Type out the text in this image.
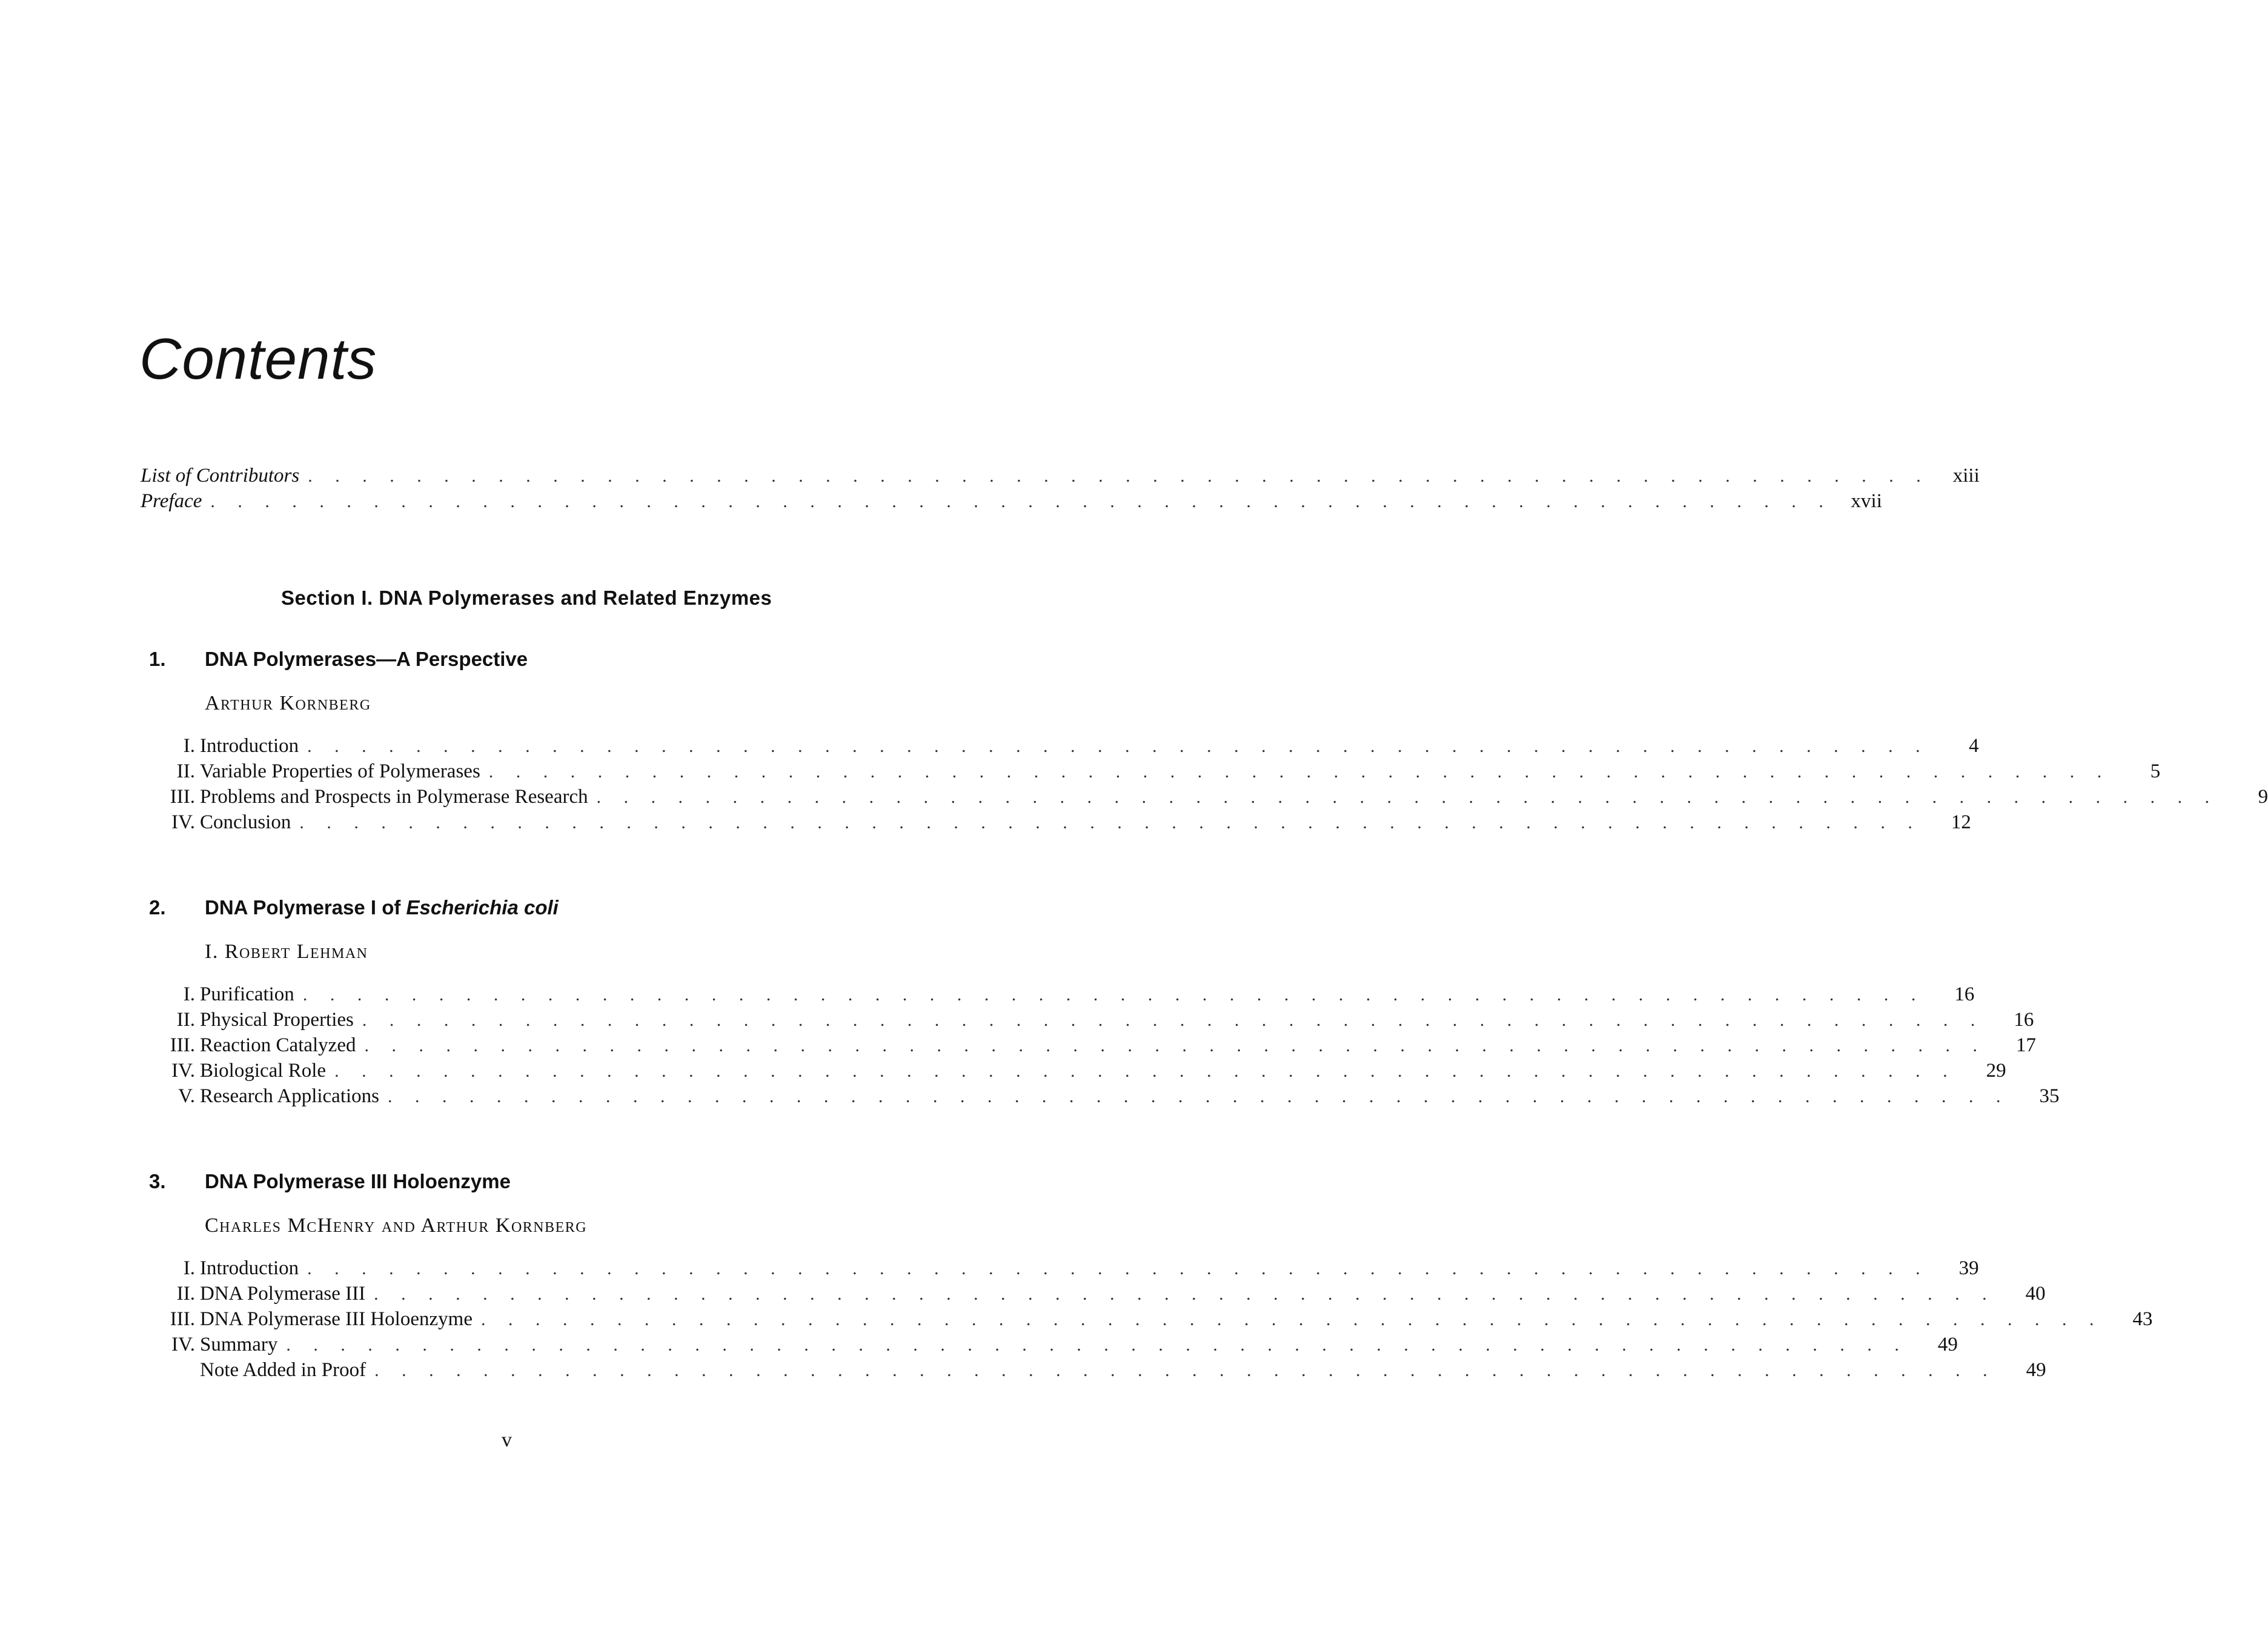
Contents
List of Contributors . . . . . . . . . . . . . . . . . . . . . . . . . . . . . . . . . . . . . . . . . . . . . . . . . . . . . . . . . . . .	xiii
Preface . . . . . . . . . . . . . . . . . . . . . . . . . . . . . . . . . . . . . . . . . . . . . . . . . . . . . . . . . . . . xvii
Section I. DNA Polymerases and Related Enzymes
1. DNA Polymerases—A Perspective
Arthur Kornberg
I. Introduction . . . . . . . . . . . . . . . . . . . . . . . . . . . . . . . . . . . . . . . . . . . . . . . . . . . . . . . . . . . .	4
II. Variable Properties of Polymerases . . . . . . . . . . . . . . . . . . . . . . . . . . . . . . . . . . . . . . . . . . . . . . . . . . . . . . . . . . . .	5
III. Problems and Prospects in Polymerase Research . . . . . . . . . . . . . . . . . . . . . . . . . . . . . . . . . . . . . . . . . . . . . . . . . . . . . . . . . . . .	9
IV. Conclusion . . . . . . . . . . . . . . . . . . . . . . . . . . . . . . . . . . . . . . . . . . . . . . . . . . . . . . . . . . . .	12
2. DNA Polymerase I of Escherichia coli
I. Robert Lehman
I. Purification . . . . . . . . . . . . . . . . . . . . . . . . . . . . . . . . . . . . . . . . . . . . . . . . . . . . . . . . . . . .	16
II. Physical Properties . . . . . . . . . . . . . . . . . . . . . . . . . . . . . . . . . . . . . . . . . . . . . . . . . . . . . . . . . . . .	16
III. Reaction Catalyzed . . . . . . . . . . . . . . . . . . . . . . . . . . . . . . . . . . . . . . . . . . . . . . . . . . . . . . . . . . . .	17
IV. Biological Role . . . . . . . . . . . . . . . . . . . . . . . . . . . . . . . . . . . . . . . . . . . . . . . . . . . . . . . . . . . .	29
V. Research Applications . . . . . . . . . . . . . . . . . . . . . . . . . . . . . . . . . . . . . . . . . . . . . . . . . . . . . . . . . . . .	35
3. DNA Polymerase III Holoenzyme
Charles McHenry and Arthur Kornberg
I. Introduction . . . . . . . . . . . . . . . . . . . . . . . . . . . . . . . . . . . . . . . . . . . . . . . . . . . . . . . . . . . .	39
II. DNA Polymerase III . . . . . . . . . . . . . . . . . . . . . . . . . . . . . . . . . . . . . . . . . . . . . . . . . . . . . . . . . . . .	40
III. DNA Polymerase III Holoenzyme . . . . . . . . . . . . . . . . . . . . . . . . . . . . . . . . . . . . . . . . . . . . . . . . . . . . . . . . . . . .	43
IV. Summary . . . . . . . . . . . . . . . . . . . . . . . . . . . . . . . . . . . . . . . . . . . . . . . . . . . . . . . . . . . .	49
Note Added in Proof . . . . . . . . . . . . . . . . . . . . . . . . . . . . . . . . . . . . . . . . . . . . . . . . . . . . . . . . . . . .	49
v
